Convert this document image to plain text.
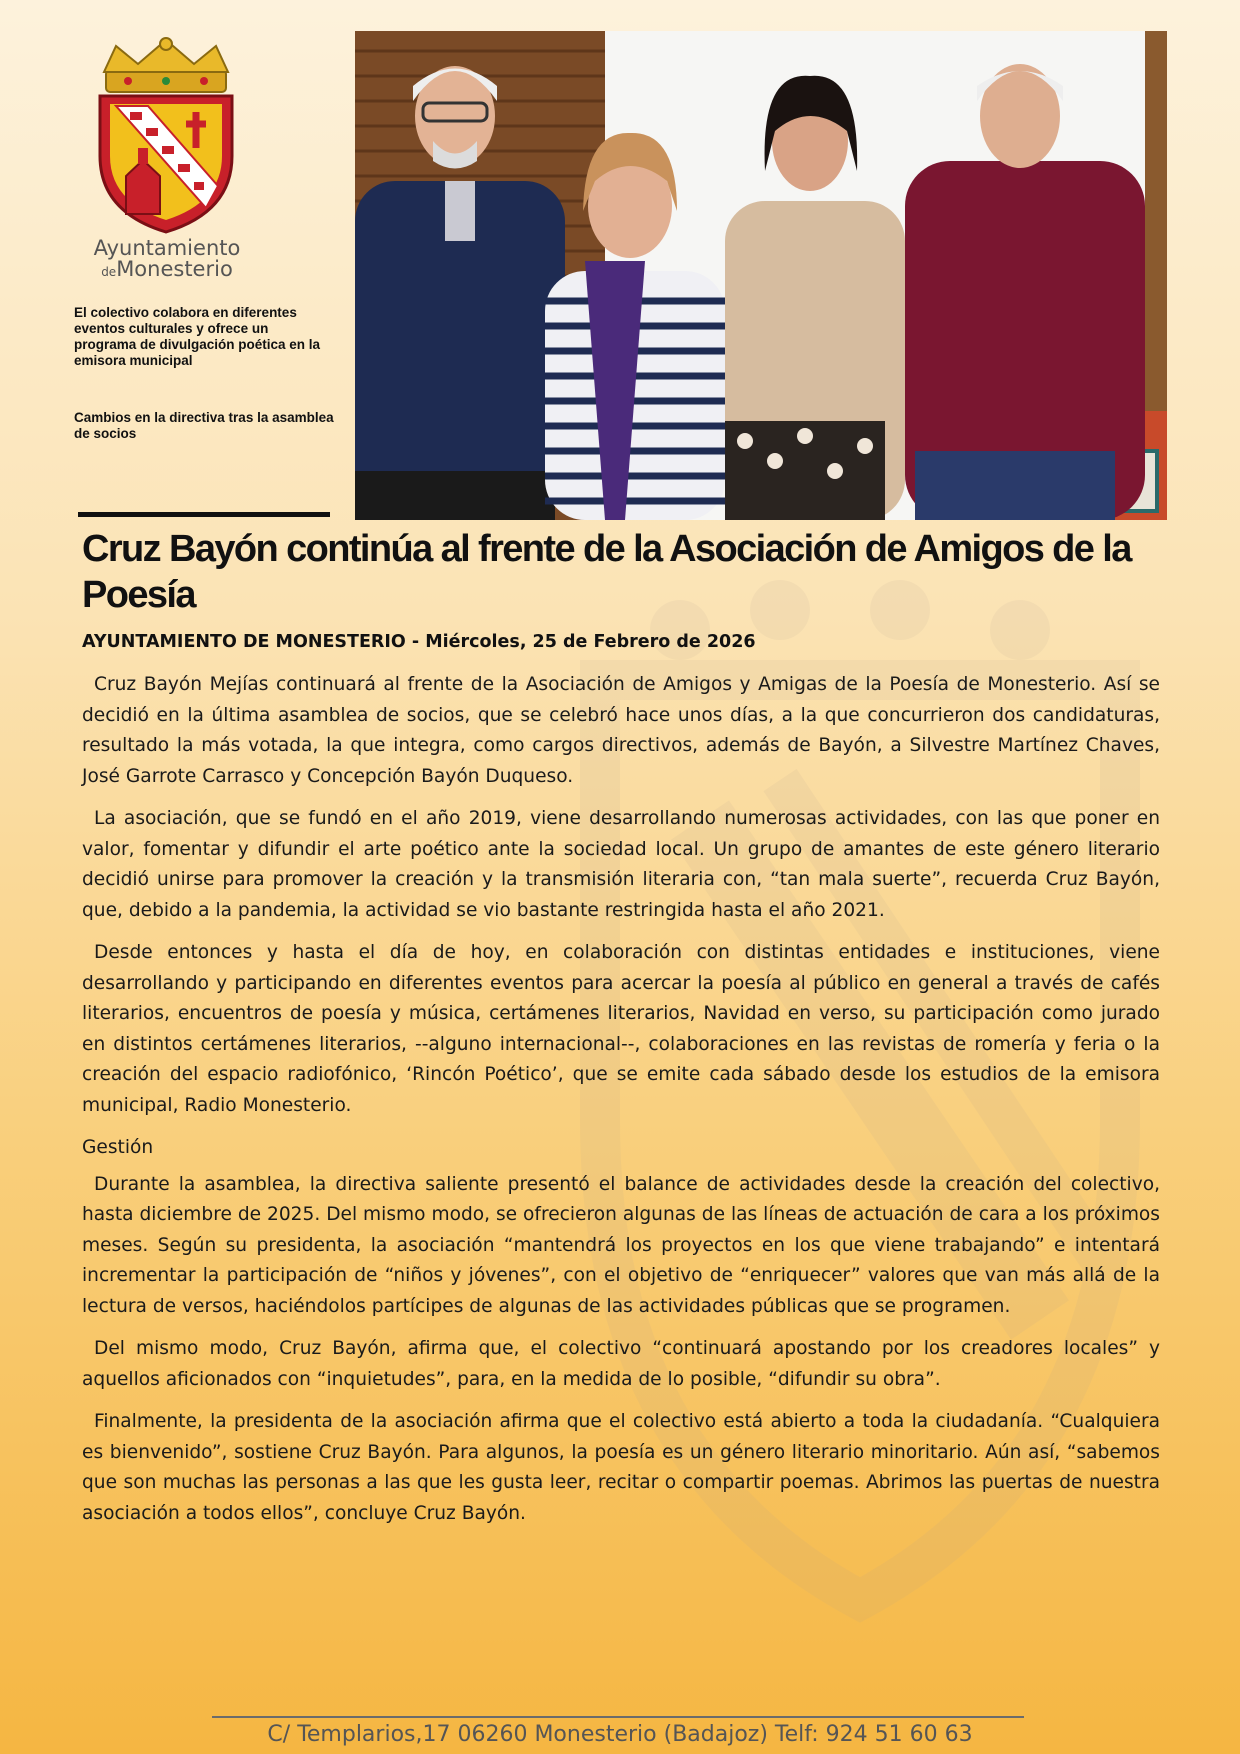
Ayuntamiento
deMonesterio

El colectivo colabora en diferentes eventos culturales y ofrece un programa de divulgación poética en la emisora municipal

Cambios en la directiva tras la asamblea de socios

Cruz Bayón continúa al frente de la Asociación de Amigos de la Poesía

AYUNTAMIENTO DE MONESTERIO - Miércoles, 25 de Febrero de 2026

Cruz Bayón Mejías continuará al frente de la Asociación de Amigos y Amigas de la Poesía de Monesterio. Así se decidió en la última asamblea de socios, que se celebró hace unos días, a la que concurrieron dos candidaturas, resultado la más votada, la que integra, como cargos directivos, además de Bayón, a Silvestre Martínez Chaves, José Garrote Carrasco y Concepción Bayón Duqueso.

La asociación, que se fundó en el año 2019, viene desarrollando numerosas actividades, con las que poner en valor, fomentar y difundir el arte poético ante la sociedad local. Un grupo de amantes de este género literario decidió unirse para promover la creación y la transmisión literaria con, “tan mala suerte”, recuerda Cruz Bayón, que, debido a la pandemia, la actividad se vio bastante restringida hasta el año 2021.

Desde entonces y hasta el día de hoy, en colaboración con distintas entidades e instituciones, viene desarrollando y participando en diferentes eventos para acercar la poesía al público en general a través de cafés literarios, encuentros de poesía y música, certámenes literarios, Navidad en verso, su participación como jurado en distintos certámenes literarios, --alguno internacional--, colaboraciones en las revistas de romería y feria o la creación del espacio radiofónico, ‘Rincón Poético’, que se emite cada sábado desde los estudios de la emisora municipal, Radio Monesterio.

Gestión

Durante la asamblea, la directiva saliente presentó el balance de actividades desde la creación del colectivo, hasta diciembre de 2025. Del mismo modo, se ofrecieron algunas de las líneas de actuación de cara a los próximos meses. Según su presidenta, la asociación “mantendrá los proyectos en los que viene trabajando” e intentará incrementar la participación de “niños y jóvenes”, con el objetivo de “enriquecer” valores que van más allá de la lectura de versos, haciéndolos partícipes de algunas de las actividades públicas que se programen.

Del mismo modo, Cruz Bayón, afirma que, el colectivo “continuará apostando por los creadores locales” y aquellos aficionados con “inquietudes”, para, en la medida de lo posible, “difundir su obra”.

Finalmente, la presidenta de la asociación afirma que el colectivo está abierto a toda la ciudadanía. “Cualquiera es bienvenido”, sostiene Cruz Bayón. Para algunos, la poesía es un género literario minoritario. Aún así, “sabemos que son muchas las personas a las que les gusta leer, recitar o compartir poemas. Abrimos las puertas de nuestra asociación a todos ellos”, concluye Cruz Bayón.

C/ Templarios,17 06260 Monesterio (Badajoz) Telf: 924 51 60 63
